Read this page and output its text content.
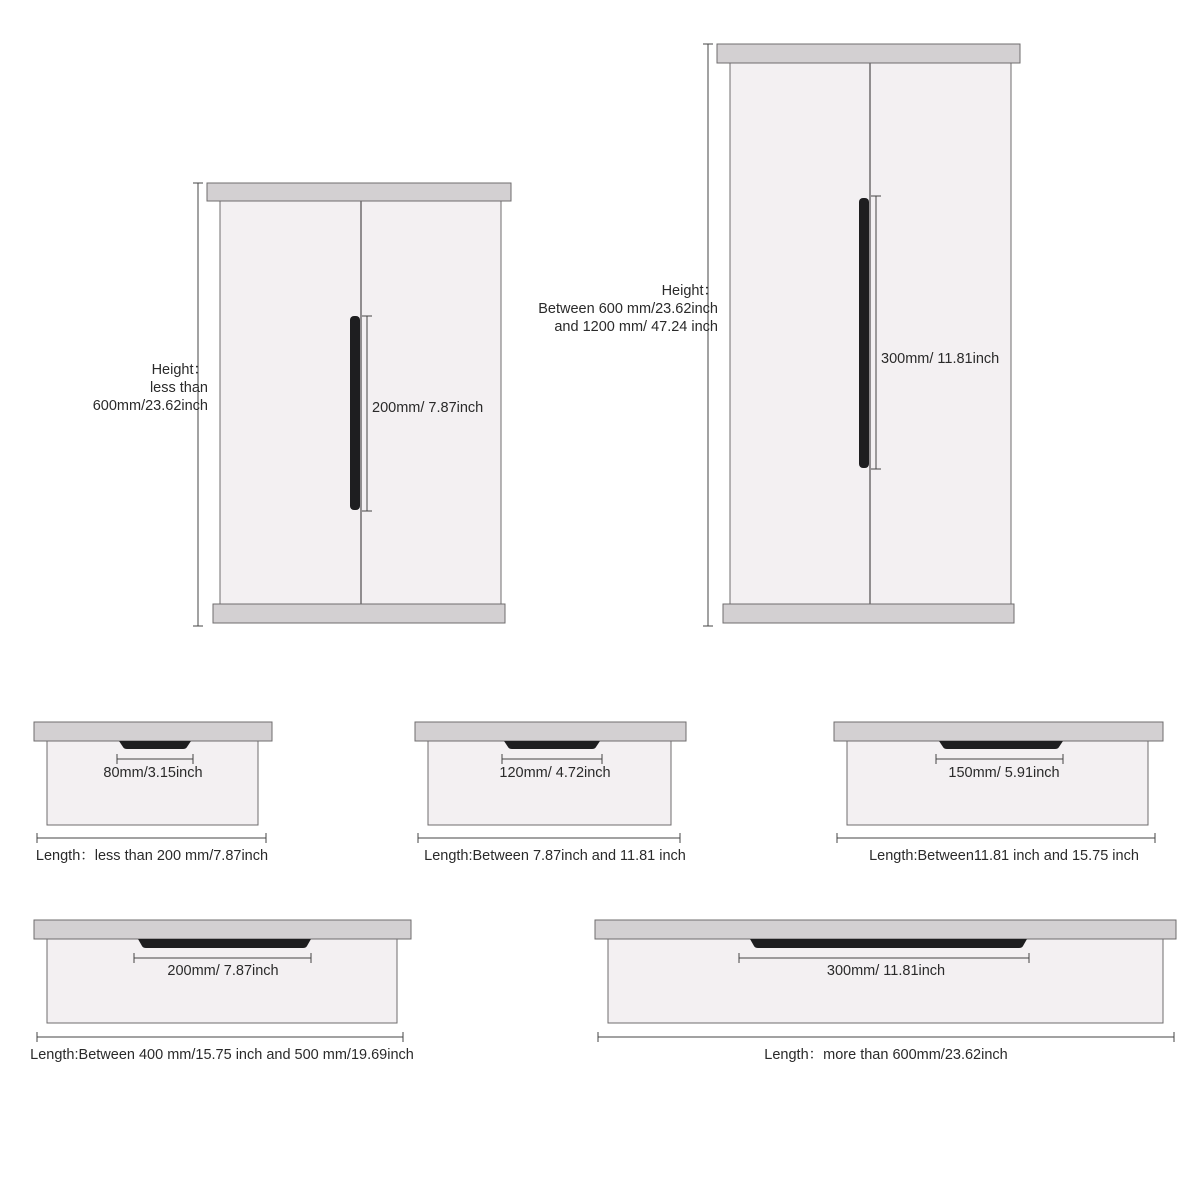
Height：
less than
600mm/23.62inch	200mm/ 7.87inch
Height：
Between 600 mm/23.62inch
and 1200 mm/ 47.24 inch
300mm/ 11.81inch
80mm/3.15inch
Length：less than 200 mm/7.87inch
120mm/ 4.72inch
Length:Between 7.87inch and 11.81 inch
150mm/ 5.91inch
Length:Between11.81 inch and 15.75 inch
200mm/ 7.87inch
Length:Between 400 mm/15.75 inch and 500 mm/19.69inch
300mm/ 11.81inch
Length：more than 600mm/23.62inch
